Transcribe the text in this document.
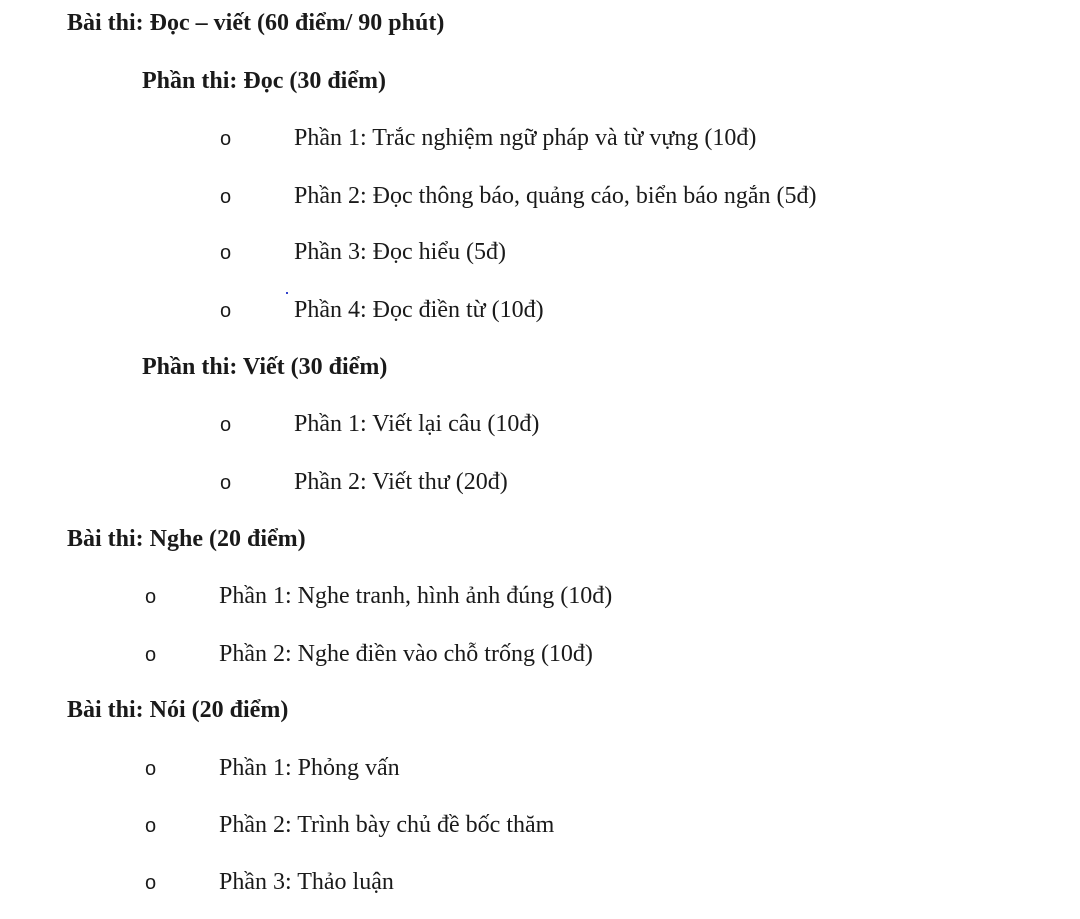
Bài thi: Đọc – viết (60 điểm/ 90 phút)
Phần thi: Đọc (30 điểm)
o	Phần 1: Trắc nghiệm ngữ pháp và từ vựng (10đ)
o	Phần 2: Đọc thông báo, quảng cáo, biển báo ngắn (5đ)
o	Phần 3: Đọc hiểu (5đ)
o	Phần 4: Đọc điền từ (10đ)
Phần thi: Viết (30 điểm)
o	Phần 1: Viết lại câu (10đ)
o	Phần 2: Viết thư (20đ)
Bài thi: Nghe (20 điểm)
o	Phần 1: Nghe tranh, hình ảnh đúng (10đ)
o	Phần 2: Nghe điền vào chỗ trống (10đ)
Bài thi: Nói (20 điểm)
o	Phần 1: Phỏng vấn
o	Phần 2: Trình bày chủ đề bốc thăm
o	Phần 3: Thảo luận
